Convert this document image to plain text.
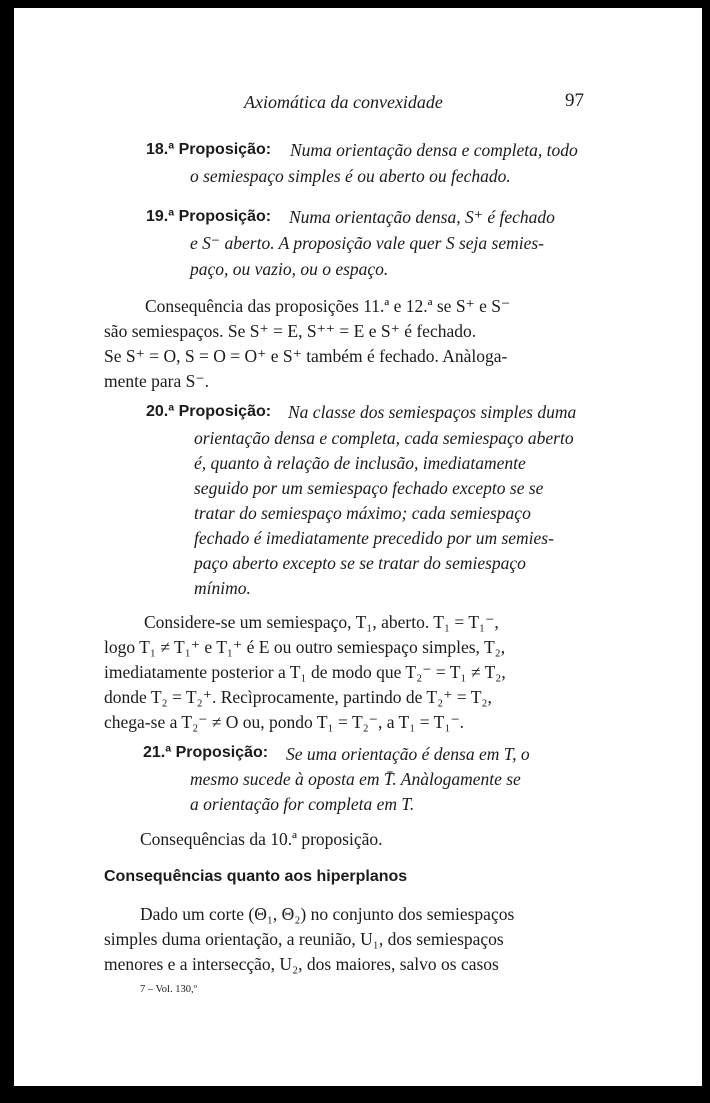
Axiomática da convexidade	97
18.ª Proposição: Numa orientação densa e completa, todo
o semiespaço simples é ou aberto ou fechado.
19.ª Proposição: Numa orientação densa, S⁺ é fechado
e S⁻ aberto. A proposição vale quer S seja semies-
paço, ou vazio, ou o espaço.
Consequência das proposições 11.ª e 12.ª se S⁺ e S⁻
são semiespaços. Se S⁺ = E, S⁺⁺ = E e S⁺ é fechado.
Se S⁺ = O, S = O = O⁺ e S⁺ também é fechado. Anàloga-
mente para S⁻.
20.ª Proposição: Na classe dos semiespaços simples duma
orientação densa e completa, cada semiespaço aberto
é, quanto à relação de inclusão, imediatamente
seguido por um semiespaço fechado excepto se se
tratar do semiespaço máximo; cada semiespaço
fechado é imediatamente precedido por um semies-
paço aberto excepto se se tratar do semiespaço
mínimo.
Considere-se um semiespaço, T₁, aberto. T₁ = T₁⁻,
logo T₁ ≠ T₁⁺ e T₁⁺ é E ou outro semiespaço simples, T₂,
imediatamente posterior a T₁ de modo que T₂⁻ = T₁ ≠ T₂,
donde T₂ = T₂⁺. Recìprocamente, partindo de T₂⁺ = T₂,
chega-se a T₂⁻ ≠ O ou, pondo T₁ = T₂⁻, a T₁ = T₁⁻.
21.ª Proposição: Se uma orientação é densa em T, o
mesmo sucede à oposta em T̄. Anàlogamente se
a orientação for completa em T.
Consequências da 10.ª proposição.
Consequências quanto aos hiperplanos
Dado um corte (Θ₁, Θ₂) no conjunto dos semiespaços
simples duma orientação, a reunião, U₁, dos semiespaços
menores e a intersecção, U₂, dos maiores, salvo os casos
7 – Vol. 130,º
